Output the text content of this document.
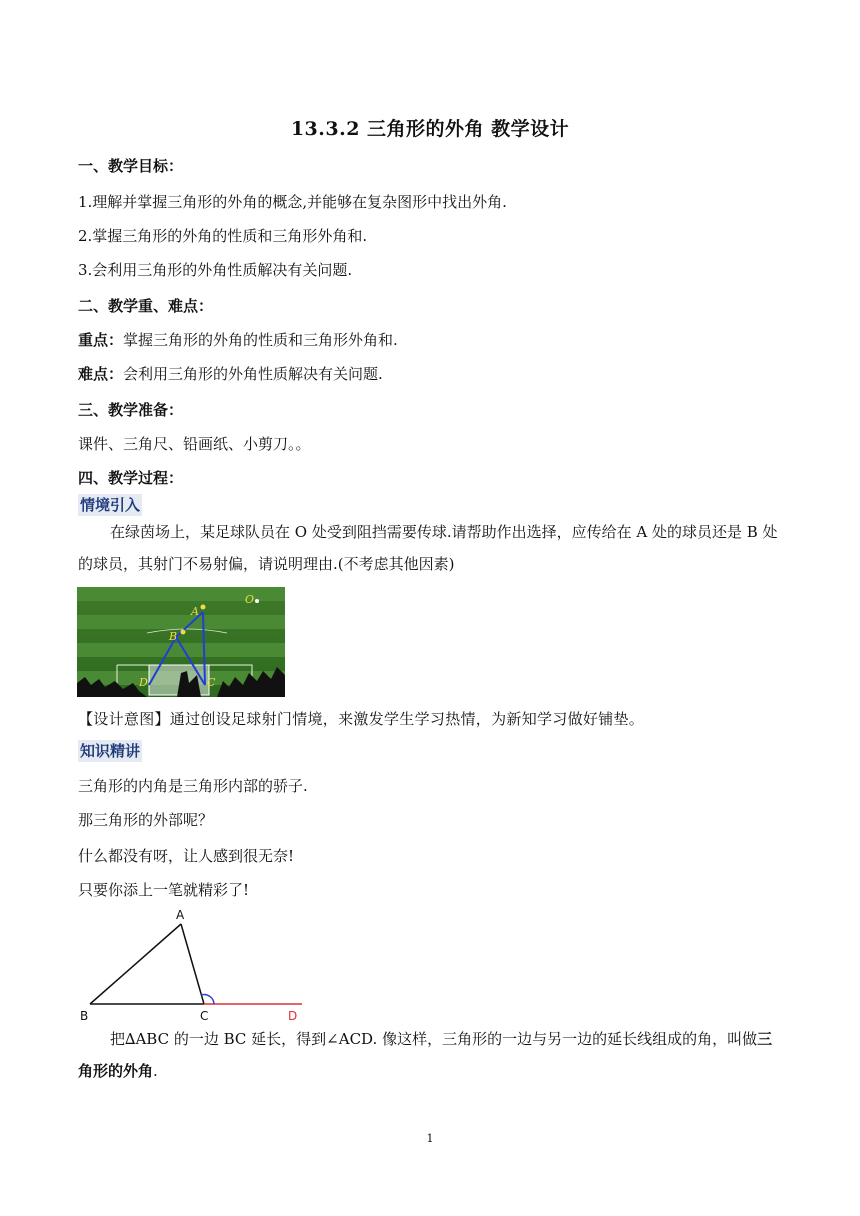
13.3.2 三角形的外角 教学设计
一、教学目标：
1.理解并掌握三角形的外角的概念,并能够在复杂图形中找出外角.
2.掌握三角形的外角的性质和三角形外角和.
3.会利用三角形的外角性质解决有关问题.
二、教学重、难点：
重点：掌握三角形的外角的性质和三角形外角和.
难点：会利用三角形的外角性质解决有关问题.
三、教学准备：
课件、三角尺、铅画纸、小剪刀。。
四、教学过程：
情境引入
在绿茵场上，某足球队员在 O 处受到阻挡需要传球.请帮助作出选择，应传给在 A 处的球员还是 B 处的球员，其射门不易射偏，请说明理由.(不考虑其他因素)
O
A
B
C
D
【设计意图】通过创设足球射门情境，来激发学生学习热情，为新知学习做好铺垫。
知识精讲
三角形的内角是三角形内部的骄子.
那三角形的外部呢？
什么都没有呀，让人感到很无奈!
只要你添上一笔就精彩了!
A
B	C	D
把∆ABC 的一边 BC 延长，得到∠ACD. 像这样，三角形的一边与另一边的延长线组成的角，叫做三角形的外角.
1
